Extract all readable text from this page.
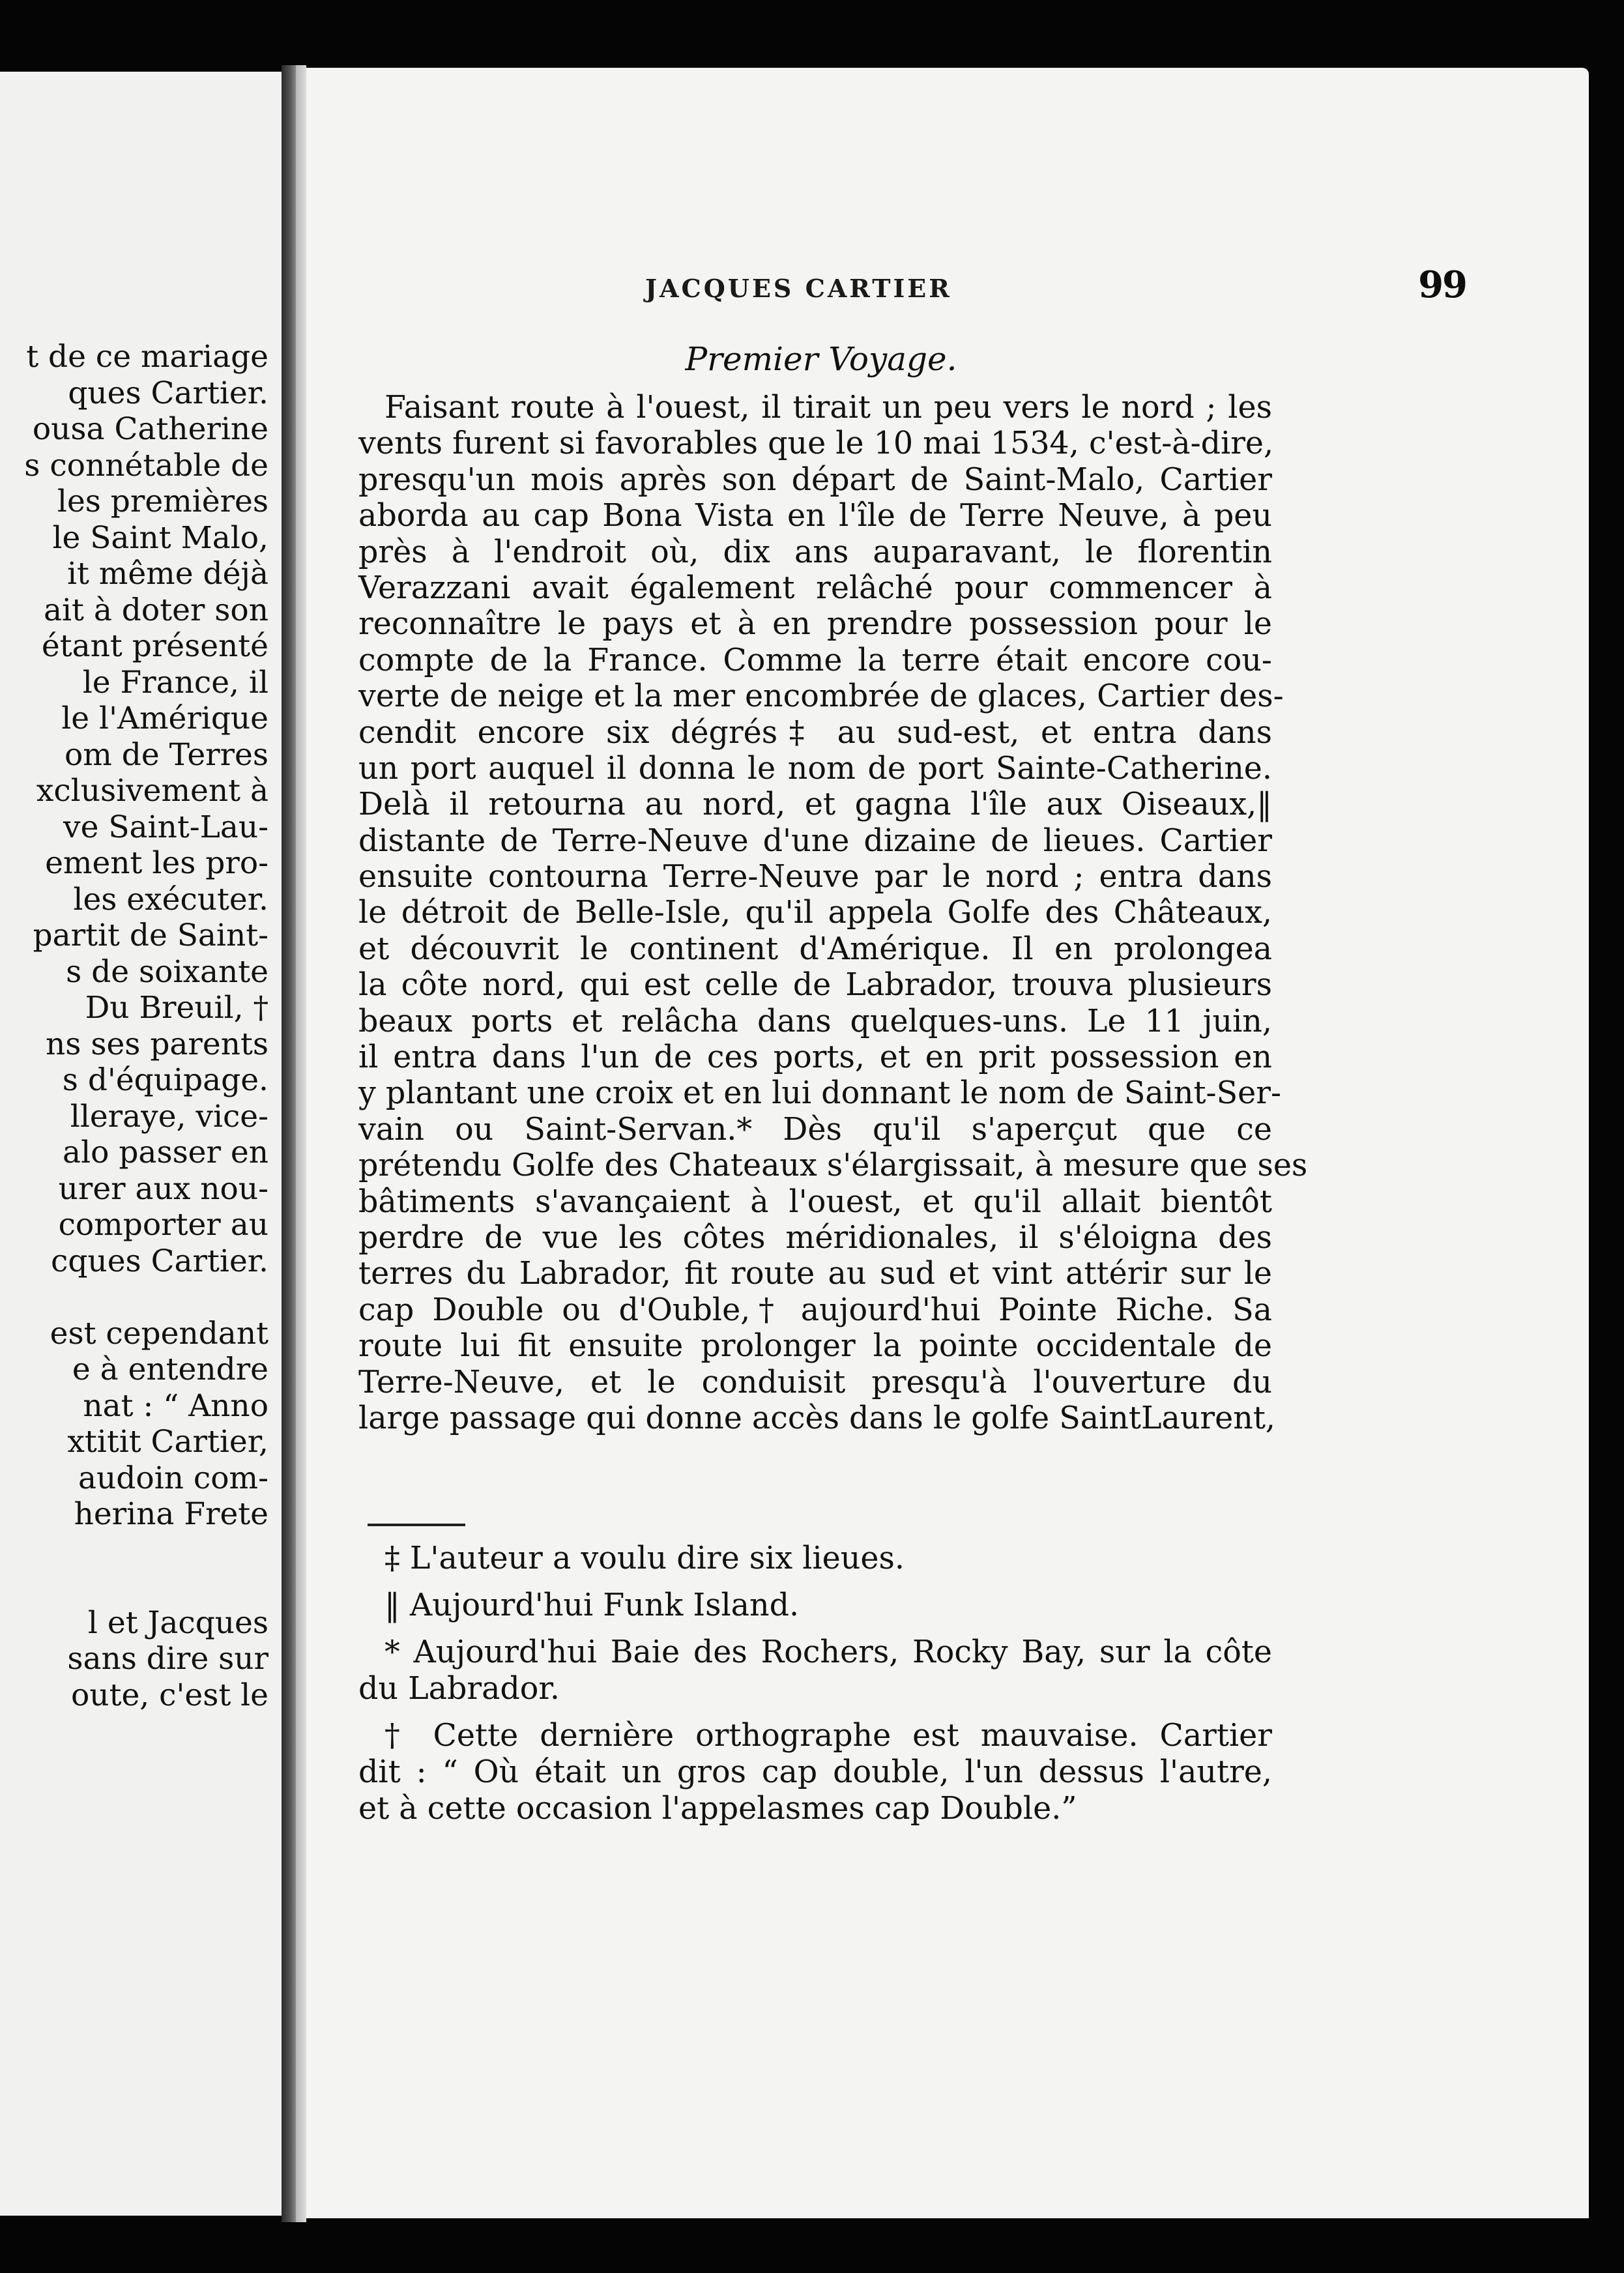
t de ce mariage
ques Cartier.
ousa Catherine
s connétable de
les premières
le Saint Malo,
it même déjà
ait à doter son
étant présenté
le France, il
le l'Amérique
om de Terres
xclusivement à
ve Saint-Lau-
ement les pro-
les exécuter.
partit de Saint-
s de soixante
Du Breuil, †
ns ses parents
s d'équipage.
lleraye, vice-
alo passer en
urer aux nou-
comporter au
cques Cartier.

est cependant
e à entendre
nat : “ Anno
xtitit Cartier,
audoin com-
herina Frete

l et Jacques
sans dire sur
oute, c'est le
JACQUES CARTIER	99
Premier Voyage.
Faisant route à l'ouest, il tirait un peu vers le nord ; les
vents furent si favorables que le 10 mai 1534, c'est-à-dire,
presqu'un mois après son départ de Saint-Malo, Cartier
aborda au cap Bona Vista en l'île de Terre Neuve, à peu
près à l'endroit où, dix ans auparavant, le florentin
Verazzani avait également relâché pour commencer à
reconnaître le pays et à en prendre possession pour le
compte de la France. Comme la terre était encore cou-
verte de neige et la mer encombrée de glaces, Cartier des-
cendit encore six dégrés‡ au sud-est, et entra dans
un port auquel il donna le nom de port Sainte-Catherine.
Delà il retourna au nord, et gagna l'île aux Oiseaux,‖
distante de Terre-Neuve d'une dizaine de lieues. Cartier
ensuite contourna Terre-Neuve par le nord ; entra dans
le détroit de Belle-Isle, qu'il appela Golfe des Châteaux,
et découvrit le continent d'Amérique. Il en prolongea
la côte nord, qui est celle de Labrador, trouva plusieurs
beaux ports et relâcha dans quelques-uns. Le 11 juin,
il entra dans l'un de ces ports, et en prit possession en
y plantant une croix et en lui donnant le nom de Saint-Ser-
vain ou Saint-Servan.* Dès qu'il s'aperçut que ce
prétendu Golfe des Chateaux s'élargissait, à mesure que ses
bâtiments s'avançaient à l'ouest, et qu'il allait bientôt
perdre de vue les côtes méridionales, il s'éloigna des
terres du Labrador, fit route au sud et vint attérir sur le
cap Double ou d'Ouble,† aujourd'hui Pointe Riche. Sa
route lui fit ensuite prolonger la pointe occidentale de
Terre-Neuve, et le conduisit presqu'à l'ouverture du
large passage qui donne accès dans le golfe SaintLaurent,
‡ L'auteur a voulu dire six lieues.
‖ Aujourd'hui Funk Island.
* Aujourd'hui Baie des Rochers, Rocky Bay, sur la côte
du Labrador.
† Cette dernière orthographe est mauvaise. Cartier
dit : “ Où était un gros cap double, l'un dessus l'autre,
et à cette occasion l'appelasmes cap Double.”
